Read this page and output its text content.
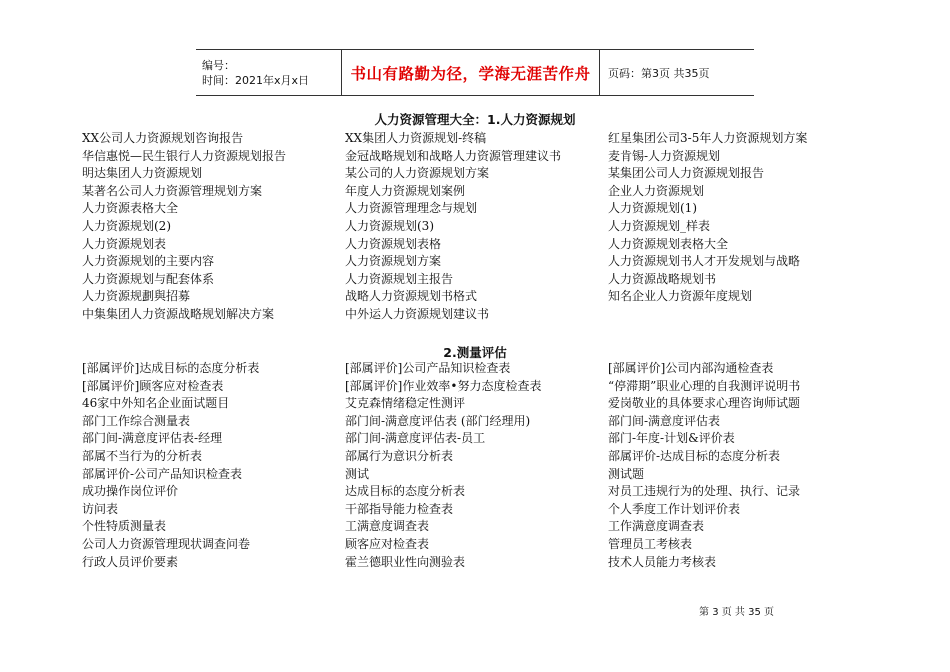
编号：
时间：2021年x月x日	书山有路勤为径，学海无涯苦作舟 页码：第3页 共35页
人力资源管理大全：1.人力资源规划
XX公司人力资源规划咨询报告	XX集团人力资源规划-终稿	红星集团公司3-5年人力资源规划方案
华信惠悦—民生银行人力资源规划报告	金冠战略规划和战略人力资源管理建议书	麦肯锡-人力资源规划
明达集团人力资源规划	某公司的人力资源规划方案	某集团公司人力资源规划报告
某著名公司人力资源管理规划方案	年度人力资源规划案例	企业人力资源规划
人力资源表格大全	人力资源管理理念与规划	人力资源规划(1)
人力资源规划(2)	人力资源规划(3)	人力资源规划_样表
人力资源规划表	人力资源规划表格	人力资源规划表格大全
人力资源规划的主要内容	人力资源规划方案	人力资源规划书人才开发规划与战略
人力资源规划与配套体系	人力资源规划主报告	人力资源战略规划书
人力资源规劃與招募	战略人力资源规划书格式	知名企业人力资源年度规划
中集集团人力资源战略规划解决方案	中外运人力资源规划建议书
2.测量评估
[部属评价]达成目标的态度分析表	[部属评价]公司产品知识检查表	[部属评价]公司内部沟通检查表
[部属评价]顾客应对检查表	[部属评价]作业效率•努力态度检查表	“停滞期”职业心理的自我测评说明书
46家中外知名企业面试题目	艾克森情绪稳定性测评	爱岗敬业的具体要求心理咨询师试题
部门工作综合测量表	部门间-满意度评估表 (部门经理用)	部门间-满意度评估表
部门间-满意度评估表-经理	部门间-满意度评估表-员工	部门-年度-计划&评价表
部属不当行为的分析表	部属行为意识分析表	部属评价-达成目标的态度分析表
部属评价-公司产品知识检查表	测试	测试题
成功操作岗位评价	达成目标的态度分析表	对员工违规行为的处理、执行、记录
访问表	干部指导能力检查表	个人季度工作计划评价表
个性特质测量表	工满意度调查表	工作满意度调查表
公司人力资源管理现状调查问卷	顾客应对检查表	管理员工考核表
行政人员评价要素	霍兰德职业性向测验表	技术人员能力考核表
第 3 页 共 35 页
